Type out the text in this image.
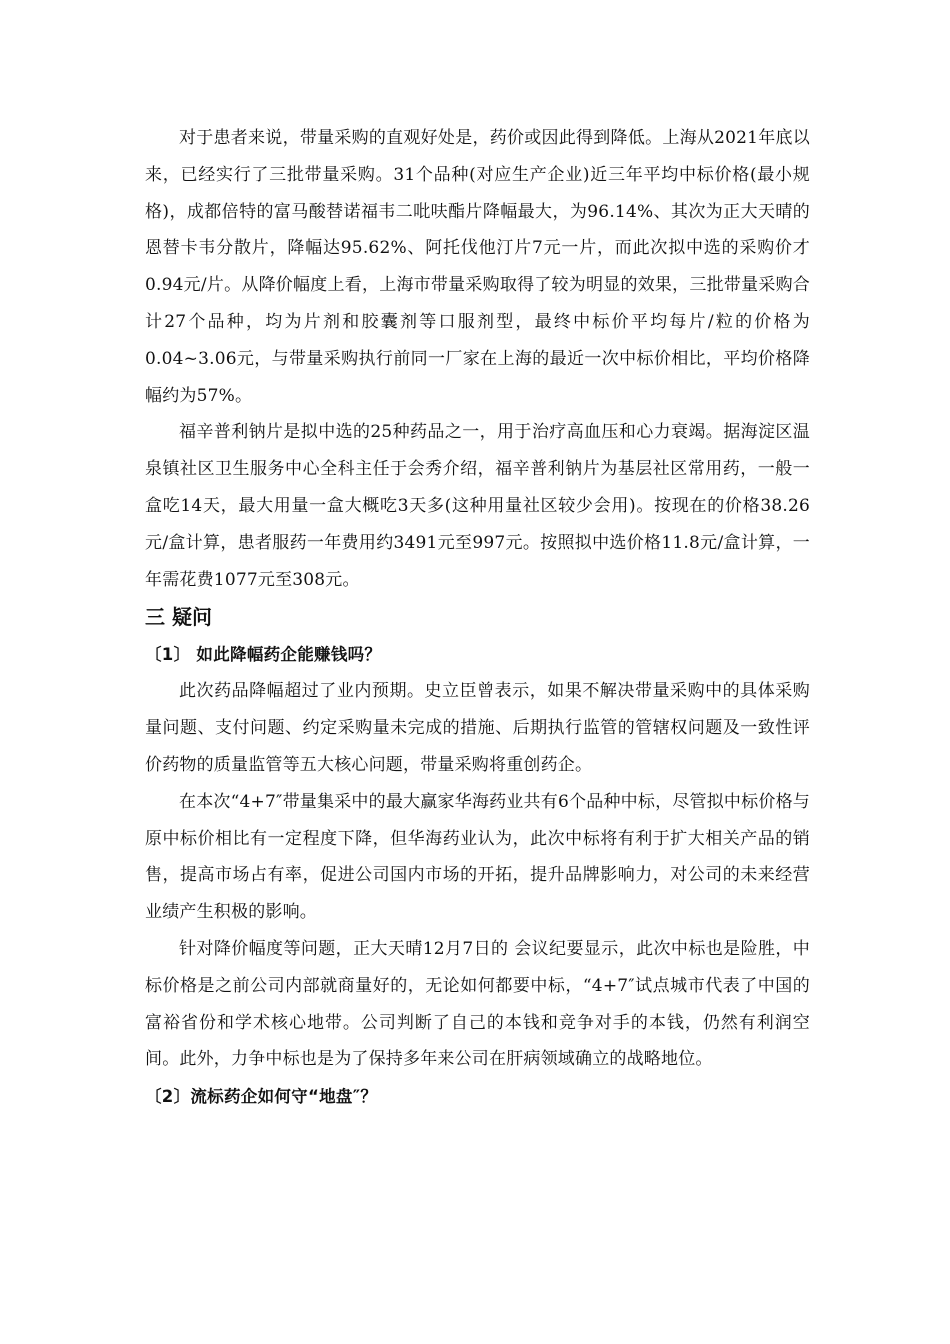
对于患者来说，带量采购的直观好处是，药价或因此得到降低。上海从2021年底以来，已经实行了三批带量采购。31个品种(对应生产企业)近三年平均中标价格(最小规格)，成都倍特的富马酸替诺福韦二吡呋酯片降幅最大，为96.14%、其次为正大天晴的恩替卡韦分散片，降幅达95.62%、阿托伐他汀片7元一片，而此次拟中选的采购价才0.94元/片。从降价幅度上看，上海市带量采购取得了较为明显的效果，三批带量采购合计27个品种，均为片剂和胶囊剂等口服剂型，最终中标价平均每片/粒的价格为0.04~3.06元，与带量采购执行前同一厂家在上海的最近一次中标价相比，平均价格降幅约为57%。

福辛普利钠片是拟中选的25种药品之一，用于治疗高血压和心力衰竭。据海淀区温泉镇社区卫生服务中心全科主任于会秀介绍，福辛普利钠片为基层社区常用药，一般一盒吃14天，最大用量一盒大概吃3天多(这种用量社区较少会用)。按现在的价格38.26元/盒计算，患者服药一年费用约3491元至997元。按照拟中选价格11.8元/盒计算，一年需花费1077元至308元。

三 疑问
〔1〕 如此降幅药企能赚钱吗？

此次药品降幅超过了业内预期。史立臣曾表示，如果不解决带量采购中的具体采购量问题、支付问题、约定采购量未完成的措施、后期执行监管的管辖权问题及一致性评价药物的质量监管等五大核心问题，带量采购将重创药企。

在本次“4+7″带量集采中的最大赢家华海药业共有6个品种中标，尽管拟中标价格与原中标价相比有一定程度下降，但华海药业认为，此次中标将有利于扩大相关产品的销售，提高市场占有率，促进公司国内市场的开拓，提升品牌影响力，对公司的未来经营业绩产生积极的影响。

针对降价幅度等问题，正大天晴12月7日的 会议纪要显示，此次中标也是险胜，中标价格是之前公司内部就商量好的，无论如何都要中标，“4+7″试点城市代表了中国的富裕省份和学术核心地带。公司判断了自己的本钱和竞争对手的本钱，仍然有利润空间。此外，力争中标也是为了保持多年来公司在肝病领域确立的战略地位。

〔2〕流标药企如何守“地盘″？
